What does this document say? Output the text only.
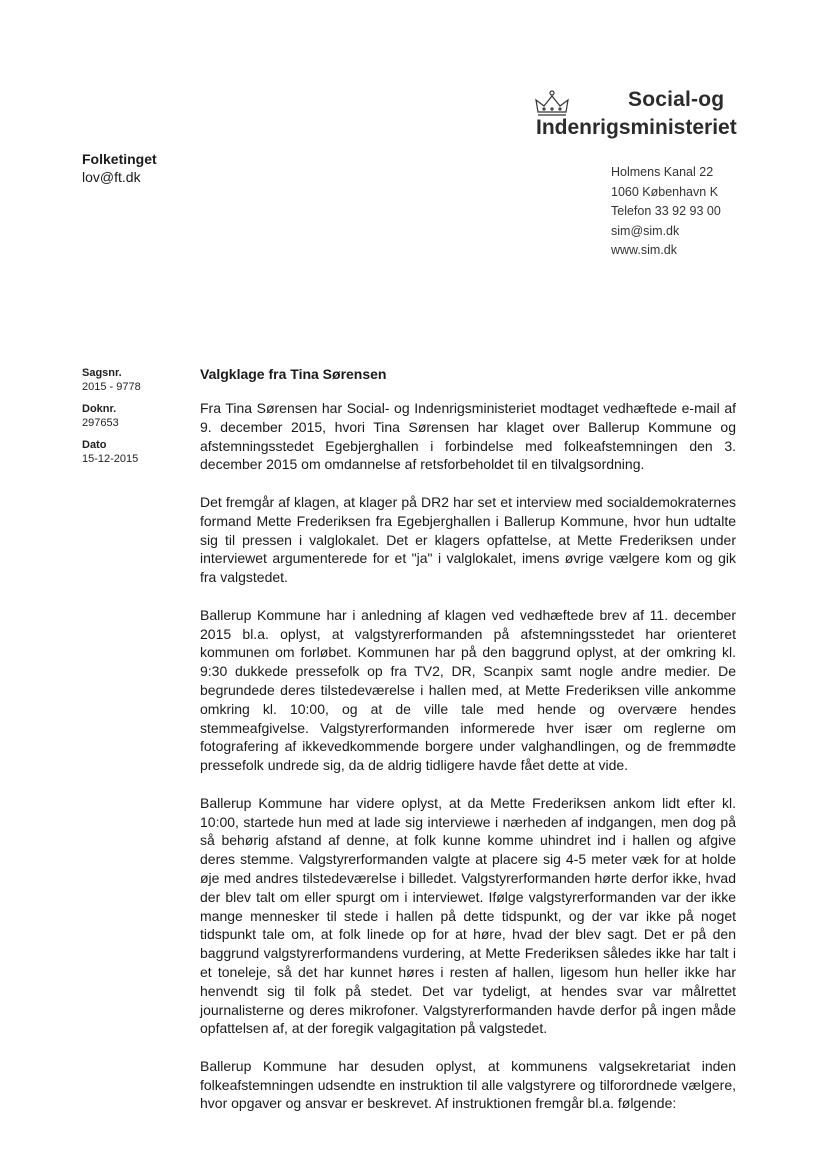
Social-og
Indenrigsministeriet
Folketinget
lov@ft.dk	Holmens Kanal 22
1060 København K
Telefon 33 92 93 00
sim@sim.dk
www.sim.dk
Sagsnr.
2015 - 9778
Doknr.
297653
Dato
15-12-2015
Valgklage fra Tina Sørensen

Fra Tina Sørensen har Social- og Indenrigsministeriet modtaget vedhæftede e-mail af 9. december 2015, hvori Tina Sørensen har klaget over Ballerup Kommune og afstemningsstedet Egebjerghallen i forbindelse med folkeafstemningen den 3. december 2015 om omdannelse af retsforbeholdet til en tilvalgsordning.

Det fremgår af klagen, at klager på DR2 har set et interview med socialdemokraternes formand Mette Frederiksen fra Egebjerghallen i Ballerup Kommune, hvor hun udtalte sig til pressen i valglokalet. Det er klagers opfattelse, at Mette Frederiksen under interviewet argumenterede for et "ja" i valglokalet, imens øvrige vælgere kom og gik fra valgstedet.

Ballerup Kommune har i anledning af klagen ved vedhæftede brev af 11. december 2015 bl.a. oplyst, at valgstyrerformanden på afstemningsstedet har orienteret kommunen om forløbet. Kommunen har på den baggrund oplyst, at der omkring kl. 9:30 dukkede pressefolk op fra TV2, DR, Scanpix samt nogle andre medier. De begrundede deres tilstedeværelse i hallen med, at Mette Frederiksen ville ankomme omkring kl. 10:00, og at de ville tale med hende og overvære hendes stemmeafgivelse. Valgstyrerformanden informerede hver især om reglerne om fotografering af ikkevedkommende borgere under valghandlingen, og de fremmødte pressefolk undrede sig, da de aldrig tidligere havde fået dette at vide.

Ballerup Kommune har videre oplyst, at da Mette Frederiksen ankom lidt efter kl. 10:00, startede hun med at lade sig interviewe i nærheden af indgangen, men dog på så behørig afstand af denne, at folk kunne komme uhindret ind i hallen og afgive deres stemme. Valgstyrerformanden valgte at placere sig 4-5 meter væk for at holde øje med andres tilstedeværelse i billedet. Valgstyrerformanden hørte derfor ikke, hvad der blev talt om eller spurgt om i interviewet. Ifølge valgstyrerformanden var der ikke mange mennesker til stede i hallen på dette tidspunkt, og der var ikke på noget tidspunkt tale om, at folk linede op for at høre, hvad der blev sagt. Det er på den baggrund valgstyrerformandens vurdering, at Mette Frederiksen således ikke har talt i et toneleje, så det har kunnet høres i resten af hallen, ligesom hun heller ikke har henvendt sig til folk på stedet. Det var tydeligt, at hendes svar var målrettet journalisterne og deres mikrofoner. Valgstyrerformanden havde derfor på ingen måde opfattelsen af, at der foregik valgagitation på valgstedet.

Ballerup Kommune har desuden oplyst, at kommunens valgsekretariat inden folkeafstemningen udsendte en instruktion til alle valgstyrere og tilforordnede vælgere, hvor opgaver og ansvar er beskrevet. Af instruktionen fremgår bl.a. følgende:
